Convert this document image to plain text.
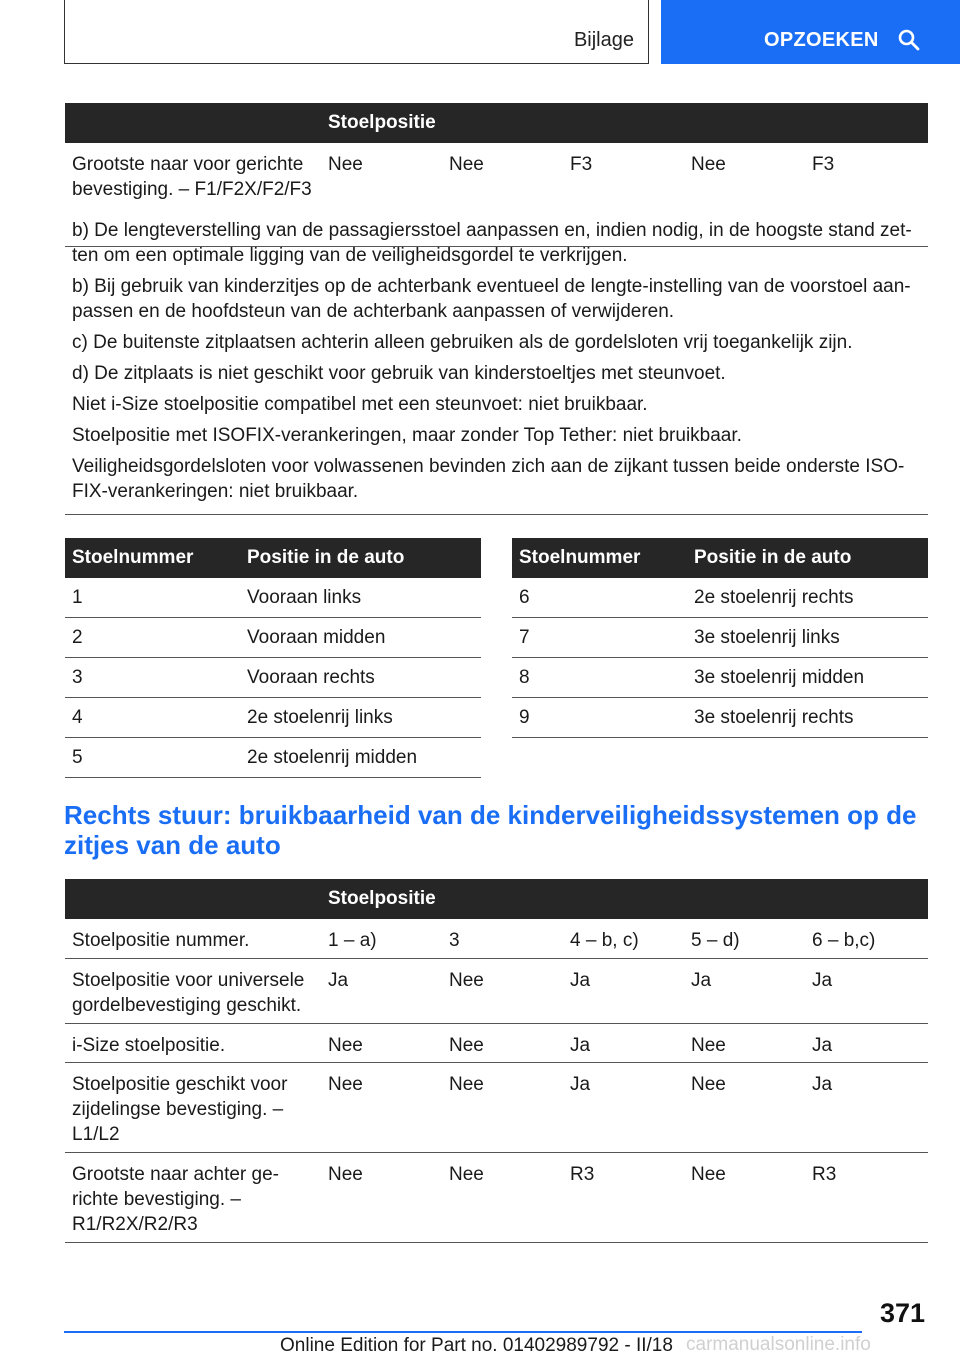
Bijlage	OPZOEKEN
Stoelpositie
Grootste naar voor gerichte bevestiging. – F1/F2X/F2/F3
Nee	Nee	F3	Nee	F3

b) De lengteverstelling van de passagiersstoel aanpassen en, indien nodig, in de hoogste stand zet- ten om een optimale ligging van de veiligheidsgordel te verkrijgen.

b) Bij gebruik van kinderzitjes op de achterbank eventueel de lengte-instelling van de voorstoel aan- passen en de hoofdsteun van de achterbank aanpassen of verwijderen.

c) De buitenste zitplaatsen achterin alleen gebruiken als de gordelsloten vrij toegankelijk zijn.

d) De zitplaats is niet geschikt voor gebruik van kinderstoeltjes met steunvoet.

Niet i-Size stoelpositie compatibel met een steunvoet: niet bruikbaar.

Stoelpositie met ISOFIX-verankeringen, maar zonder Top Tether: niet bruikbaar.

Veiligheidsgordelsloten voor volwassenen bevinden zich aan de zijkant tussen beide onderste ISO- FIX-verankeringen: niet bruikbaar.

Stoelnummer	Positie in de auto
1	Vooraan links
2	Vooraan midden
3	Vooraan rechts
4	2e stoelenrij links
5	2e stoelenrij midden
Stoelnummer	Positie in de auto
6	2e stoelenrij rechts
7	3e stoelenrij links
8	3e stoelenrij midden
9	3e stoelenrij rechts
Rechts stuur: bruikbaarheid van de kinderveiligheidssystemen op de zitjes van de auto
Stoelpositie
Stoelpositie nummer.	1 – a)	3	4 – b, c)	5 – d)	6 – b,c)
Stoelpositie voor universele gordelbevestiging geschikt.
Ja	Nee	Ja	Ja	Ja
i-Size stoelpositie.	Nee	Nee	Ja	Nee	Ja
Stoelpositie geschikt voor zijdelingse bevestiging. – L1/L2
Nee	Nee	Ja	Nee	Ja
Grootste naar achter ge- richte bevestiging. – R1/R2X/R2/R3
Nee	Nee	R3	Nee	R3
371
Online Edition for Part no. 01402989792 - II/18 carmanualsonline.info
